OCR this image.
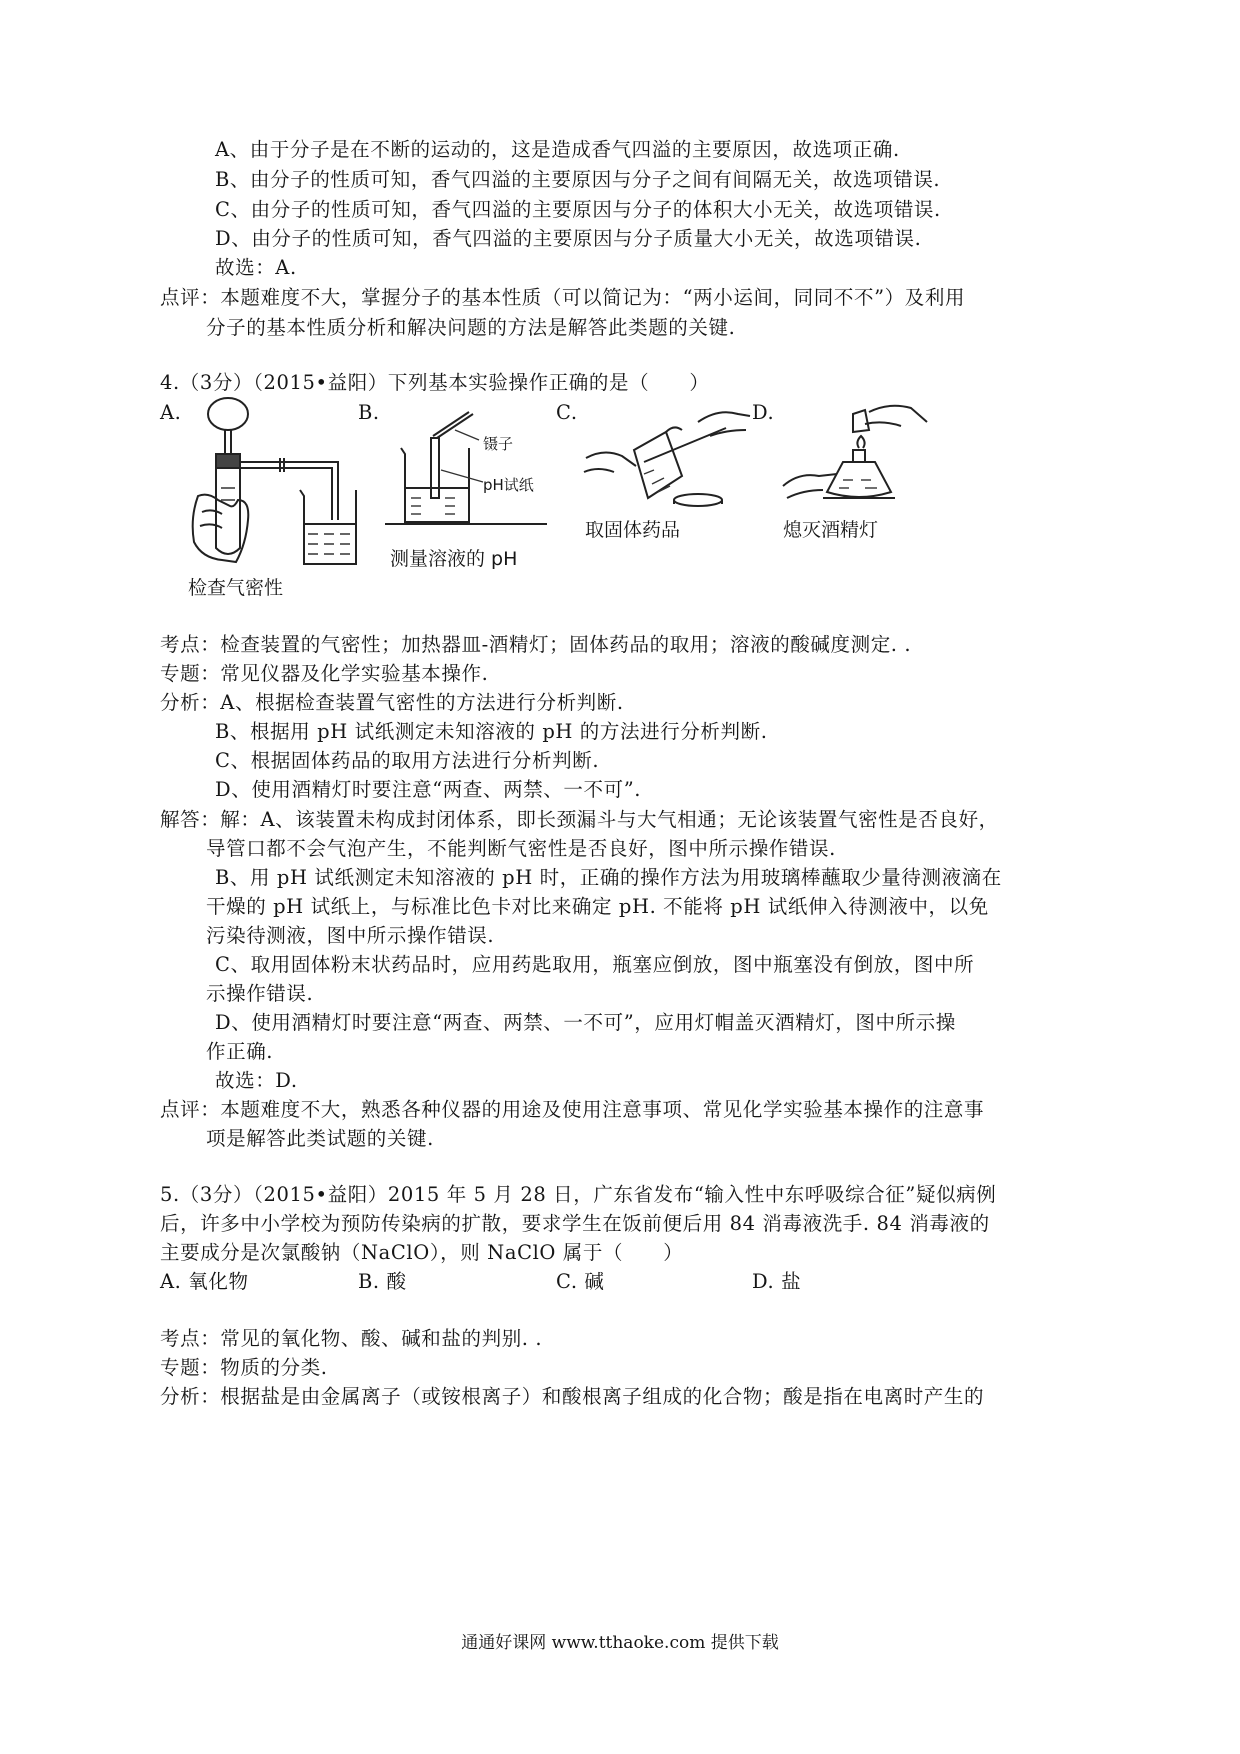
A、由于分子是在不断的运动的，这是造成香气四溢的主要原因，故选项正确.
B、由分子的性质可知，香气四溢的主要原因与分子之间有间隔无关，故选项错误.
C、由分子的性质可知，香气四溢的主要原因与分子的体积大小无关，故选项错误.
D、由分子的性质可知，香气四溢的主要原因与分子质量大小无关，故选项错误.
故选：A.
点评：本题难度不大，掌握分子的基本性质（可以简记为：“两小运间，同同不不”）及利用
分子的基本性质分析和解决问题的方法是解答此类题的关键.
4.（3分）（2015•益阳）下列基本实验操作正确的是（　　）
A.	B.	C.	D.
检查气密性
镊子
pH试纸
测量溶液的 pH
取固体药品	熄灭酒精灯
考点：检查装置的气密性；加热器皿-酒精灯；固体药品的取用；溶液的酸碱度测定. .
专题：常见仪器及化学实验基本操作.
分析：A、根据检查装置气密性的方法进行分析判断.
B、根据用 pH 试纸测定未知溶液的 pH 的方法进行分析判断.
C、根据固体药品的取用方法进行分析判断.
D、使用酒精灯时要注意“两查、两禁、一不可”.
解答：解：A、该装置未构成封闭体系，即长颈漏斗与大气相通；无论该装置气密性是否良好，
导管口都不会气泡产生，不能判断气密性是否良好，图中所示操作错误.
B、用 pH 试纸测定未知溶液的 pH 时，正确的操作方法为用玻璃棒蘸取少量待测液滴在
干燥的 pH 试纸上，与标准比色卡对比来确定 pH. 不能将 pH 试纸伸入待测液中，以免
污染待测液，图中所示操作错误.
C、取用固体粉末状药品时，应用药匙取用，瓶塞应倒放，图中瓶塞没有倒放，图中所
示操作错误.
D、使用酒精灯时要注意“两查、两禁、一不可”，应用灯帽盖灭酒精灯，图中所示操
作正确.
故选：D.
点评：本题难度不大，熟悉各种仪器的用途及使用注意事项、常见化学实验基本操作的注意事
项是解答此类试题的关键.
5.（3分）（2015•益阳）2015 年 5 月 28 日，广东省发布“输入性中东呼吸综合征”疑似病例
后，许多中小学校为预防传染病的扩散，要求学生在饭前便后用 84 消毒液洗手. 84 消毒液的
主要成分是次氯酸钠（NaClO），则 NaClO 属于（　　）
A. 氧化物	B. 酸	C. 碱	D. 盐
考点：常见的氧化物、酸、碱和盐的判别. .
专题：物质的分类.
分析：根据盐是由金属离子（或铵根离子）和酸根离子组成的化合物；酸是指在电离时产生的
通通好课网 www.tthaoke.com 提供下载
